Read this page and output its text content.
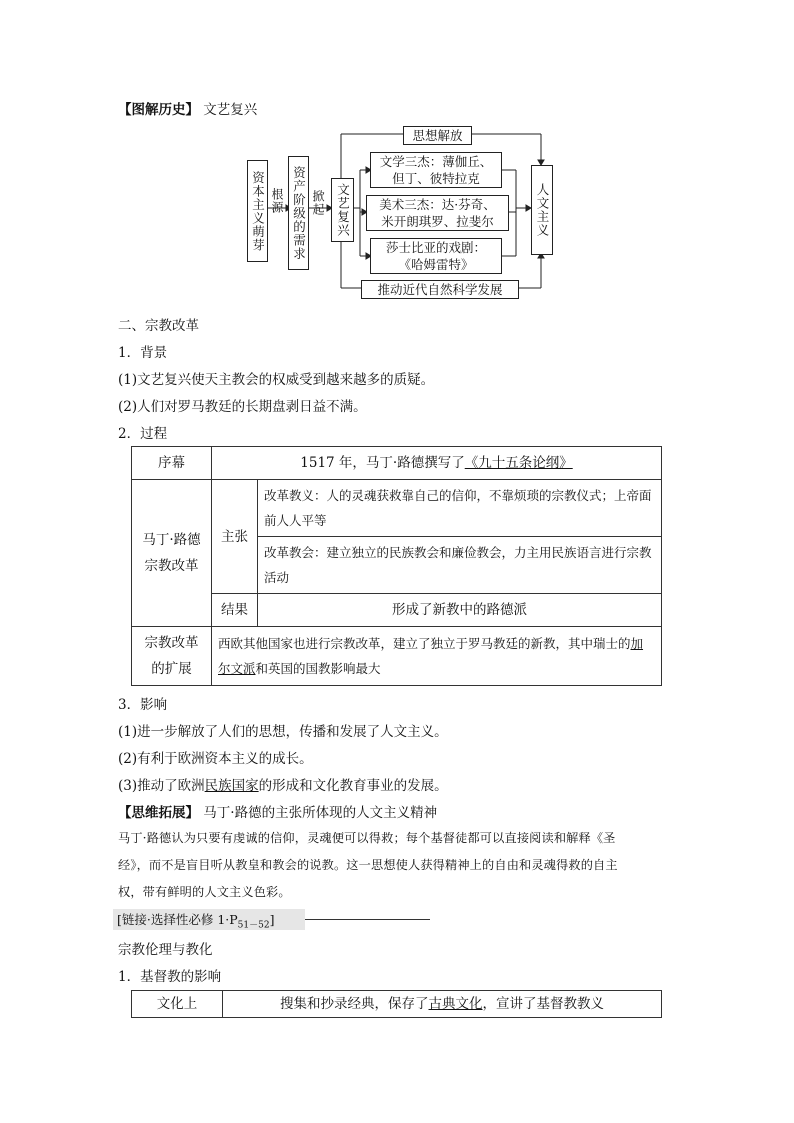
【图解历史】 文艺复兴
资本主义萌芽 根源 资产阶级的需求 掀起 文艺复兴
思想解放
文学三杰：薄伽丘、
但丁、彼特拉克
美术三杰：达·芬奇、
米开朗琪罗、拉斐尔
莎士比亚的戏剧：
《哈姆雷特》
人文主义
推动近代自然科学发展
二、宗教改革
1．背景
(1)文艺复兴使天主教会的权威受到越来越多的质疑。
(2)人们对罗马教廷的长期盘剥日益不满。
2．过程
序幕	1517 年，马丁·路德撰写了《九十五条论纲》	
马丁·路德宗教改革	主张	改革教义：人的灵魂获救靠自己的信仰，不靠烦琐的宗教仪式；上帝面前人人平等
		改革教会：建立独立的民族教会和廉俭教会，力主用民族语言进行宗教活动
	结果	形成了新教中的路德派
宗教改革的扩展	西欧其他国家也进行宗教改革，建立了独立于罗马教廷的新教，其中瑞士的加尔文派和英国的国教影响最大	
3．影响
(1)进一步解放了人们的思想，传播和发展了人文主义。
(2)有利于欧洲资本主义的成长。
(3)推动了欧洲民族国家的形成和文化教育事业的发展。
【思维拓展】 马丁·路德的主张所体现的人文主义精神
马丁·路德认为只要有虔诚的信仰，灵魂便可以得救；每个基督徒都可以直接阅读和解释《圣
经》，而不是盲目听从教皇和教会的说教。这一思想使人获得精神上的自由和灵魂得救的自主
权，带有鲜明的人文主义色彩。
[链接·选择性必修 $1\cdot P_{51-52}$]
宗教伦理与教化
1．基督教的影响
文化上	搜集和抄录经典，保存了古典文化，宣讲了基督教教义
